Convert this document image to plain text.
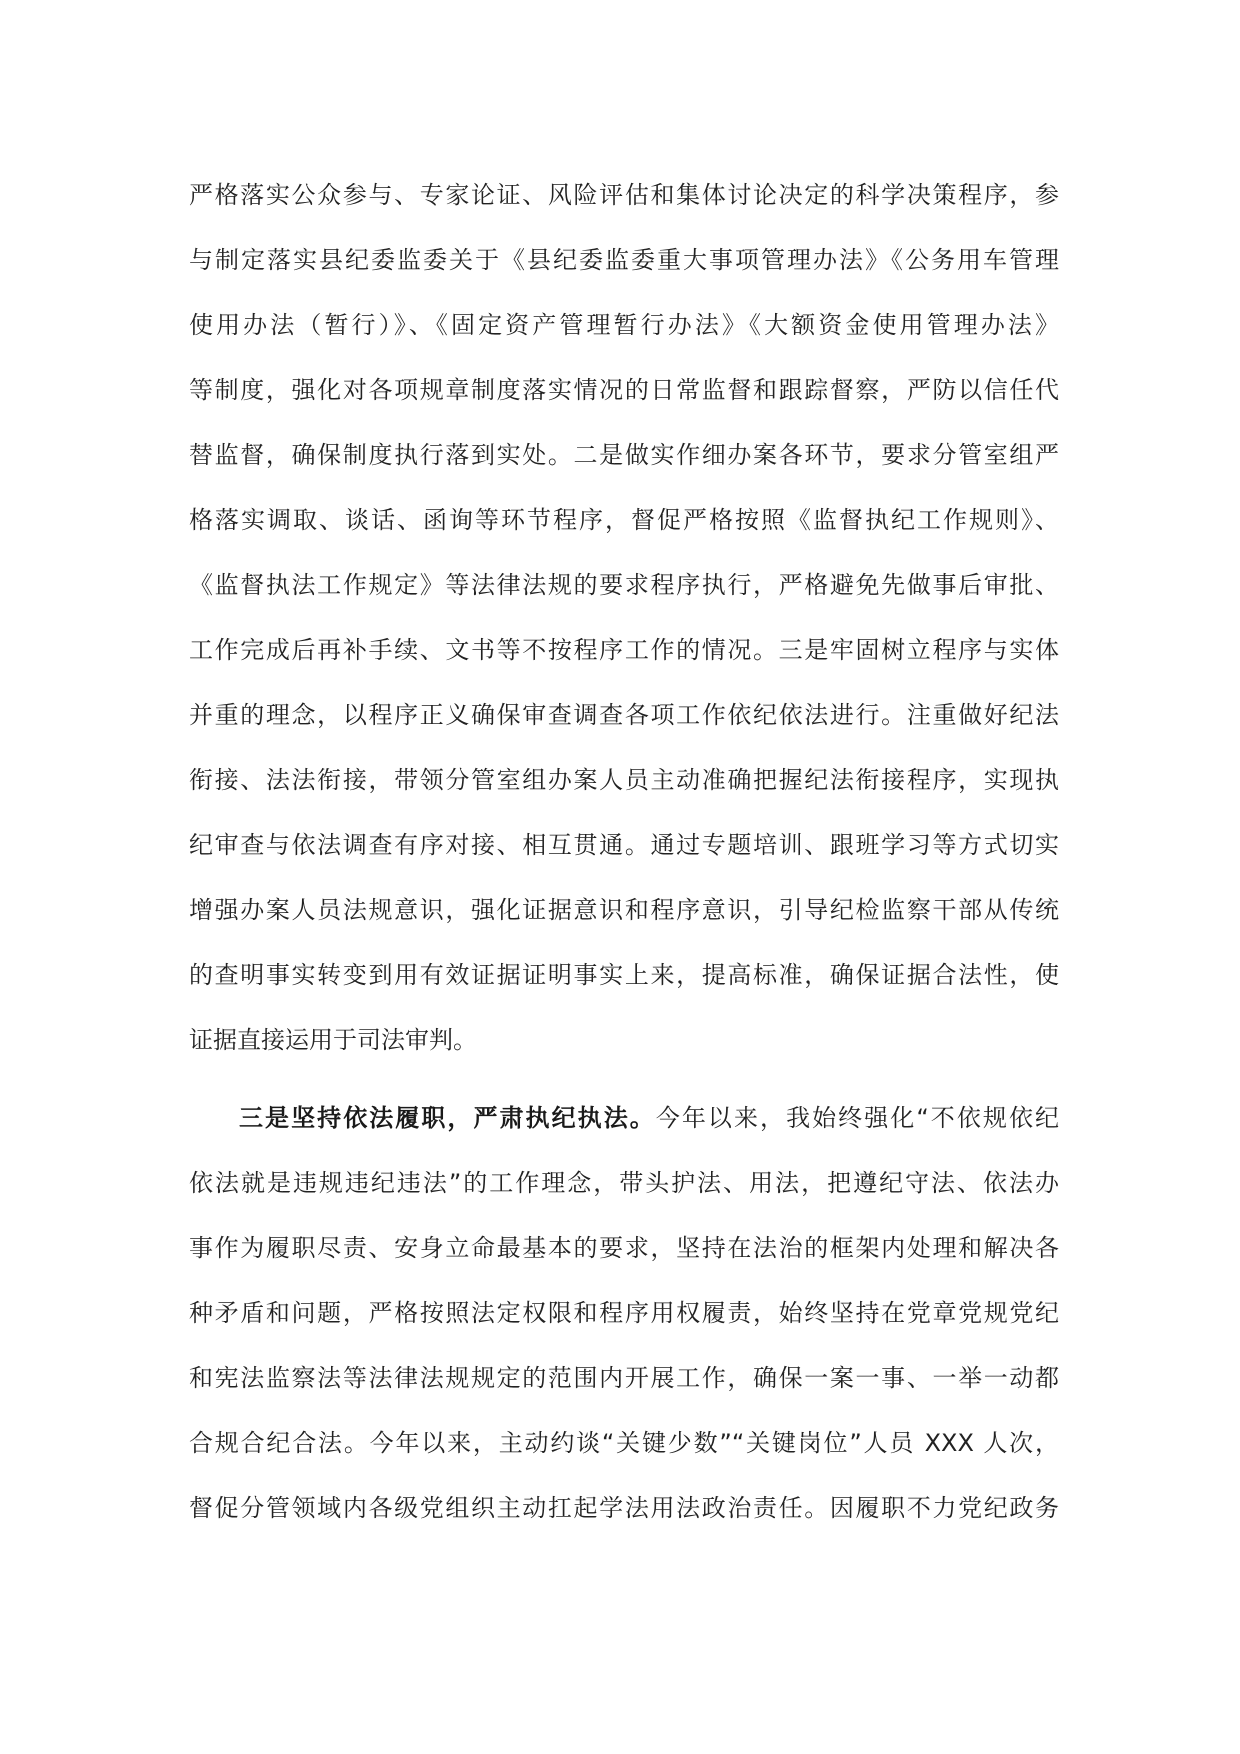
严格落实公众参与、专家论证、风险评估和集体讨论决定的科学决策程序，参
与制定落实县纪委监委关于《县纪委监委重大事项管理办法》《公务用车管理
使用办法（暂行）》、《固定资产管理暂行办法》《大额资金使用管理办法》
等制度，强化对各项规章制度落实情况的日常监督和跟踪督察，严防以信任代
替监督，确保制度执行落到实处。二是做实作细办案各环节，要求分管室组严
格落实调取、谈话、函询等环节程序，督促严格按照《监督执纪工作规则》、
《监督执法工作规定》等法律法规的要求程序执行，严格避免先做事后审批、
工作完成后再补手续、文书等不按程序工作的情况。三是牢固树立程序与实体
并重的理念，以程序正义确保审查调查各项工作依纪依法进行。注重做好纪法
衔接、法法衔接，带领分管室组办案人员主动准确把握纪法衔接程序，实现执
纪审查与依法调查有序对接、相互贯通。通过专题培训、跟班学习等方式切实
增强办案人员法规意识，强化证据意识和程序意识，引导纪检监察干部从传统
的查明事实转变到用有效证据证明事实上来，提高标准，确保证据合法性，使
证据直接运用于司法审判。
三是坚持依法履职，严肃执纪执法。今年以来，我始终强化“不依规依纪
依法就是违规违纪违法”的工作理念，带头护法、用法，把遵纪守法、依法办
事作为履职尽责、安身立命最基本的要求，坚持在法治的框架内处理和解决各
种矛盾和问题，严格按照法定权限和程序用权履责，始终坚持在党章党规党纪
和宪法监察法等法律法规规定的范围内开展工作，确保一案一事、一举一动都
合规合纪合法。今年以来，主动约谈“关键少数”“关键岗位”人员 XXX 人次，
督促分管领域内各级党组织主动扛起学法用法政治责任。因履职不力党纪政务
